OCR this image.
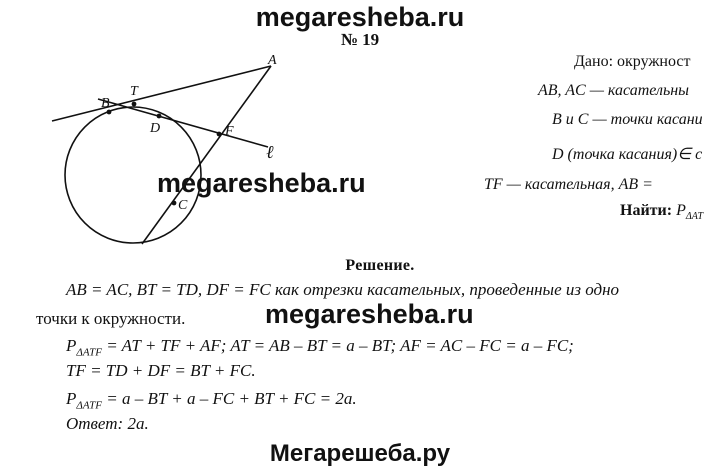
megaresheba.ru
№ 19
A
B
T
D	F
C
ℓ
megaresheba.ru
Дано: окружност
AB, AC — касательны
B и C — точки касани
D (точка касания)∈ c
TF — касательная, AB =
Найти: $P_{\Delta AT}$
Решение.
AB = AC, BT = TD, DF = FC как отрезки касательных, проведенные из одно
точки к окружности.	megaresheba.ru
$P_{\Delta ATF}$ = AT + TF + AF; AT = AB – BT = a – BT; AF = AC – FC = a – FC;
TF = TD + DF = BT + FC.
$P_{\Delta ATF} = a$ – BT + a – FC + BT + FC = 2a.
Ответ: 2a.
Мегарешеба.ру
